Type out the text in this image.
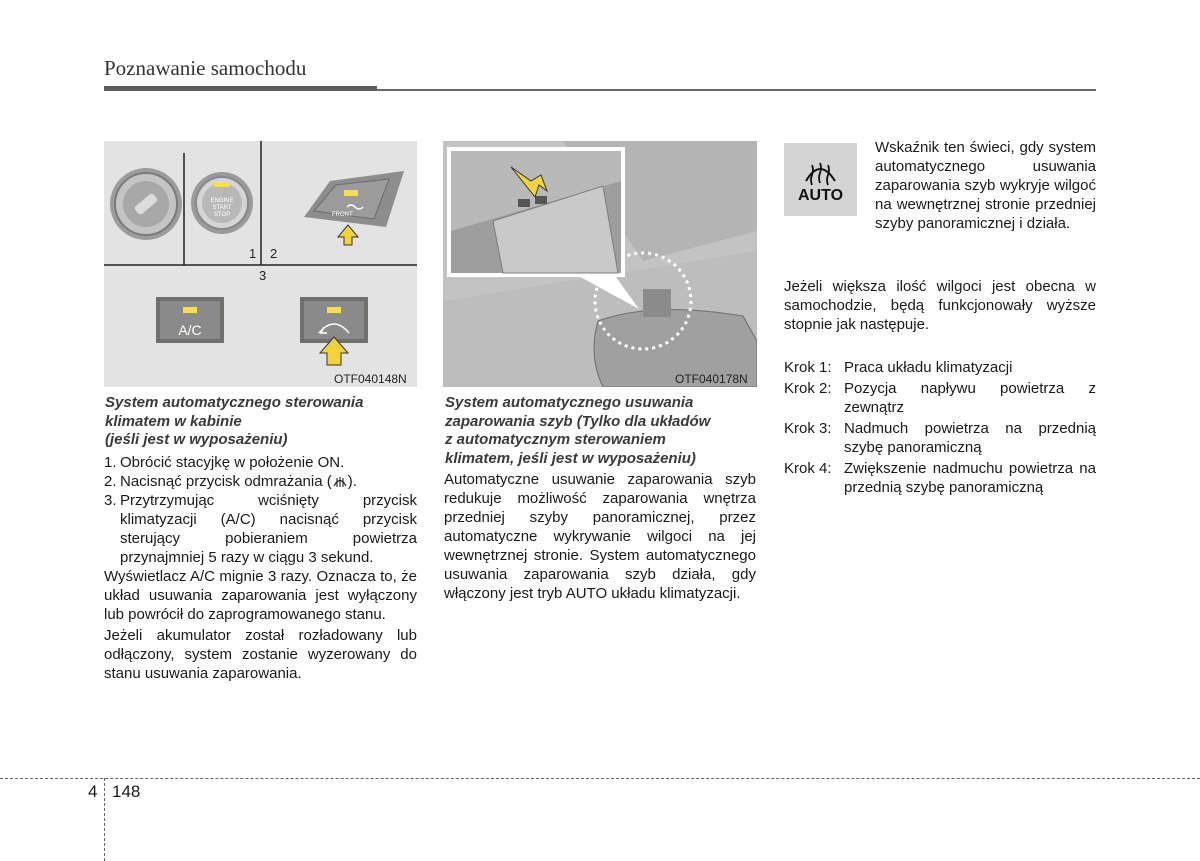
Poznawanie samochodu
ENGINE START STOP	FRONT
A/C
1 2
3
OTF040148N	OTF040178N
System automatycznego sterowania
klimatem w kabinie
(jeśli jest w wyposażeniu)
1. Obrócić stacyjkę w położenie ON.
2. Nacisnąć przycisk odmrażania ( ).
3. Przytrzymując wciśnięty przycisk klimatyzacji (A/C) nacisnąć przycisk sterujący pobieraniem powietrza przynajmniej 5 razy w ciągu 3 sekund.
Wyświetlacz A/C mignie 3 razy. Oznacza to, że układ usuwania zaparowania jest wyłączony lub powrócił do zaprogramowanego stanu.
Jeżeli akumulator został rozładowany lub odłączony, system zostanie wyzerowany do stanu usuwania zaparowania.
System automatycznego usuwania
zaparowania szyb (Tylko dla układów
z automatycznym sterowaniem
klimatem, jeśli jest w wyposażeniu)
Automatyczne usuwanie zaparowania szyb redukuje możliwość zaparowania wnętrza przedniej szyby panoramicznej, przez automatyczne wykrywanie wilgoci na jej wewnętrznej stronie. System automatycznego usuwania zaparowania szyb działa, gdy włączony jest tryb AUTO układu klimatyzacji.
AUTO
Wskaźnik ten świeci, gdy system automatycznego usuwania zaparowania szyb wykryje wilgoć na wewnętrznej stronie przedniej szyby panoramicznej i działa.
Jeżeli większa ilość wilgoci jest obecna w samochodzie, będą funkcjonowały wyższe stopnie jak następuje.
Krok 1: Praca układu klimatyzacji
Krok 2: Pozycja napływu powietrza z zewnątrz
Krok 3: Nadmuch powietrza na przednią szybę panoramiczną
Krok 4: Zwiększenie nadmuchu powietrza na przednią szybę panoramiczną
4 148
